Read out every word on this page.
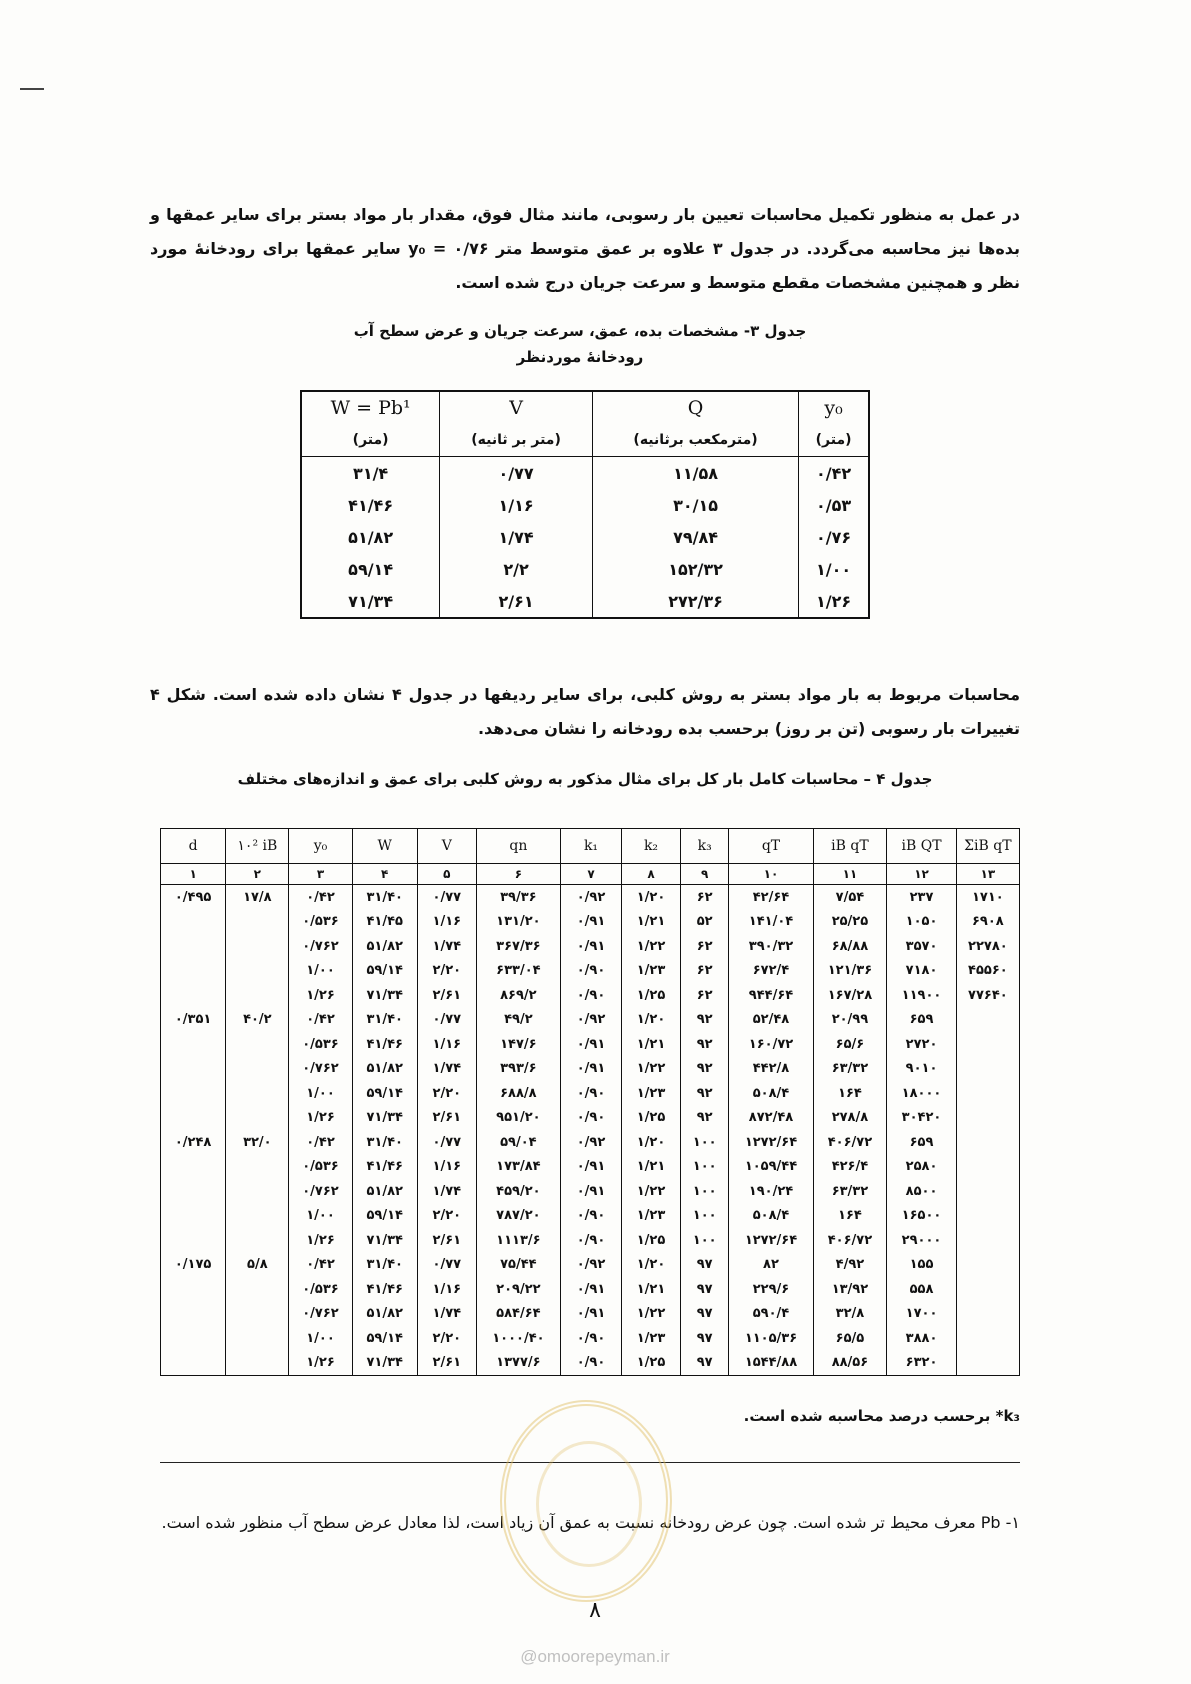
در عمل به منظور تکمیل محاسبات تعیین بار رسوبی، مانند مثال فوق، مقدار بار مواد بستر برای سایر عمقها و بده‌ها نیز محاسبه می‌گردد. در جدول ۳ علاوه بر عمق متوسط متر y₀ = ۰/۷۶ سایر عمقها برای رودخانهٔ مورد نظر و همچنین مشخصات مقطع متوسط و سرعت جریان درج شده است.

جدول ۳- مشخصات بده، عمق، سرعت جریان و عرض سطح آب
رودخانهٔ موردنظر
y₀	Q	V	W = Pb¹
(متر)	(مترمکعب برثانیه)	(متر بر ثانیه)	(متر)
۰/۴۲	۱۱/۵۸	۰/۷۷	۳۱/۴
۰/۵۳	۳۰/۱۵	۱/۱۶	۴۱/۴۶
۰/۷۶	۷۹/۸۴	۱/۷۴	۵۱/۸۲
۱/۰۰	۱۵۲/۳۲	۲/۲	۵۹/۱۴
۱/۲۶	۲۷۲/۳۶	۲/۶۱	۷۱/۳۴

محاسبات مربوط به بار مواد بستر به روش کلبی، برای سایر ردیفها در جدول ۴ نشان داده شده است. شکل ۴ تغییرات بار رسوبی (تن بر روز) برحسب بده رودخانه را نشان می‌دهد.

جدول ۴ – محاسبات کامل بار کل برای مثال مذکور به روش کلبی برای عمق و اندازه‌های مختلف
d	۱۰² iB	y₀	W	V	qn	k₁	k₂	k₃	qT	iB qT	iB QT	ΣiB qT
۱	۲	۳	۴	۵	۶	۷	۸	۹	۱۰	۱۱	۱۲	۱۳
۰/۴۹۵	۱۷/۸	۰/۴۲	۳۱/۴۰	۰/۷۷	۳۹/۳۶	۰/۹۲	۱/۲۰	۶۲	۴۲/۶۴	۷/۵۴	۲۳۷	۱۷۱۰
		۰/۵۳۶	۴۱/۴۵	۱/۱۶	۱۳۱/۲۰	۰/۹۱	۱/۲۱	۵۲	۱۴۱/۰۴	۲۵/۲۵	۱۰۵۰	۶۹۰۸
		۰/۷۶۲	۵۱/۸۲	۱/۷۴	۳۶۷/۳۶	۰/۹۱	۱/۲۲	۶۲	۳۹۰/۳۲	۶۸/۸۸	۳۵۷۰	۲۲۷۸۰
		۱/۰۰	۵۹/۱۴	۲/۲۰	۶۳۳/۰۴	۰/۹۰	۱/۲۳	۶۲	۶۷۲/۴	۱۲۱/۳۶	۷۱۸۰	۴۵۵۶۰
		۱/۲۶	۷۱/۳۴	۲/۶۱	۸۶۹/۲	۰/۹۰	۱/۲۵	۶۲	۹۴۴/۶۴	۱۶۷/۲۸	۱۱۹۰۰	۷۷۶۴۰
۰/۳۵۱	۴۰/۲	۰/۴۲	۳۱/۴۰	۰/۷۷	۴۹/۲	۰/۹۲	۱/۲۰	۹۲	۵۲/۴۸	۲۰/۹۹	۶۵۹	
		۰/۵۳۶	۴۱/۴۶	۱/۱۶	۱۴۷/۶	۰/۹۱	۱/۲۱	۹۲	۱۶۰/۷۲	۶۵/۶	۲۷۲۰	
		۰/۷۶۲	۵۱/۸۲	۱/۷۴	۳۹۳/۶	۰/۹۱	۱/۲۲	۹۲	۴۴۲/۸	۶۳/۳۲	۹۰۱۰	
		۱/۰۰	۵۹/۱۴	۲/۲۰	۶۸۸/۸	۰/۹۰	۱/۲۳	۹۲	۵۰۸/۴	۱۶۴	۱۸۰۰۰	
		۱/۲۶	۷۱/۳۴	۲/۶۱	۹۵۱/۲۰	۰/۹۰	۱/۲۵	۹۲	۸۷۲/۴۸	۲۷۸/۸	۳۰۴۲۰	
۰/۲۴۸	۳۲/۰	۰/۴۲	۳۱/۴۰	۰/۷۷	۵۹/۰۴	۰/۹۲	۱/۲۰	۱۰۰	۱۲۷۲/۶۴	۴۰۶/۷۲	۶۵۹	
		۰/۵۳۶	۴۱/۴۶	۱/۱۶	۱۷۳/۸۴	۰/۹۱	۱/۲۱	۱۰۰	۱۰۵۹/۴۴	۴۲۶/۴	۲۵۸۰	
		۰/۷۶۲	۵۱/۸۲	۱/۷۴	۴۵۹/۲۰	۰/۹۱	۱/۲۲	۱۰۰	۱۹۰/۲۴	۶۳/۳۲	۸۵۰۰	
		۱/۰۰	۵۹/۱۴	۲/۲۰	۷۸۷/۲۰	۰/۹۰	۱/۲۳	۱۰۰	۵۰۸/۴	۱۶۴	۱۶۵۰۰	
		۱/۲۶	۷۱/۳۴	۲/۶۱	۱۱۱۳/۶	۰/۹۰	۱/۲۵	۱۰۰	۱۲۷۲/۶۴	۴۰۶/۷۲	۲۹۰۰۰	
۰/۱۷۵	۵/۸	۰/۴۲	۳۱/۴۰	۰/۷۷	۷۵/۴۴	۰/۹۲	۱/۲۰	۹۷	۸۲	۴/۹۲	۱۵۵	
		۰/۵۳۶	۴۱/۴۶	۱/۱۶	۲۰۹/۲۲	۰/۹۱	۱/۲۱	۹۷	۲۲۹/۶	۱۳/۹۲	۵۵۸	
		۰/۷۶۲	۵۱/۸۲	۱/۷۴	۵۸۴/۶۴	۰/۹۱	۱/۲۲	۹۷	۵۹۰/۴	۳۲/۸	۱۷۰۰	
		۱/۰۰	۵۹/۱۴	۲/۲۰	۱۰۰۰/۴۰	۰/۹۰	۱/۲۳	۹۷	۱۱۰۵/۳۶	۶۵/۵	۳۸۸۰	
		۱/۲۶	۷۱/۳۴	۲/۶۱	۱۳۷۷/۶	۰/۹۰	۱/۲۵	۹۷	۱۵۴۴/۸۸	۸۸/۵۶	۶۳۲۰	
k₃* برحسب درصد محاسبه شده است.

۱- Pb معرف محیط تر شده است. چون عرض رودخانه نسبت به عمق آن زیاد است، لذا معادل عرض سطح آب منظور شده است.

۸
@omoorepeyman.ir
